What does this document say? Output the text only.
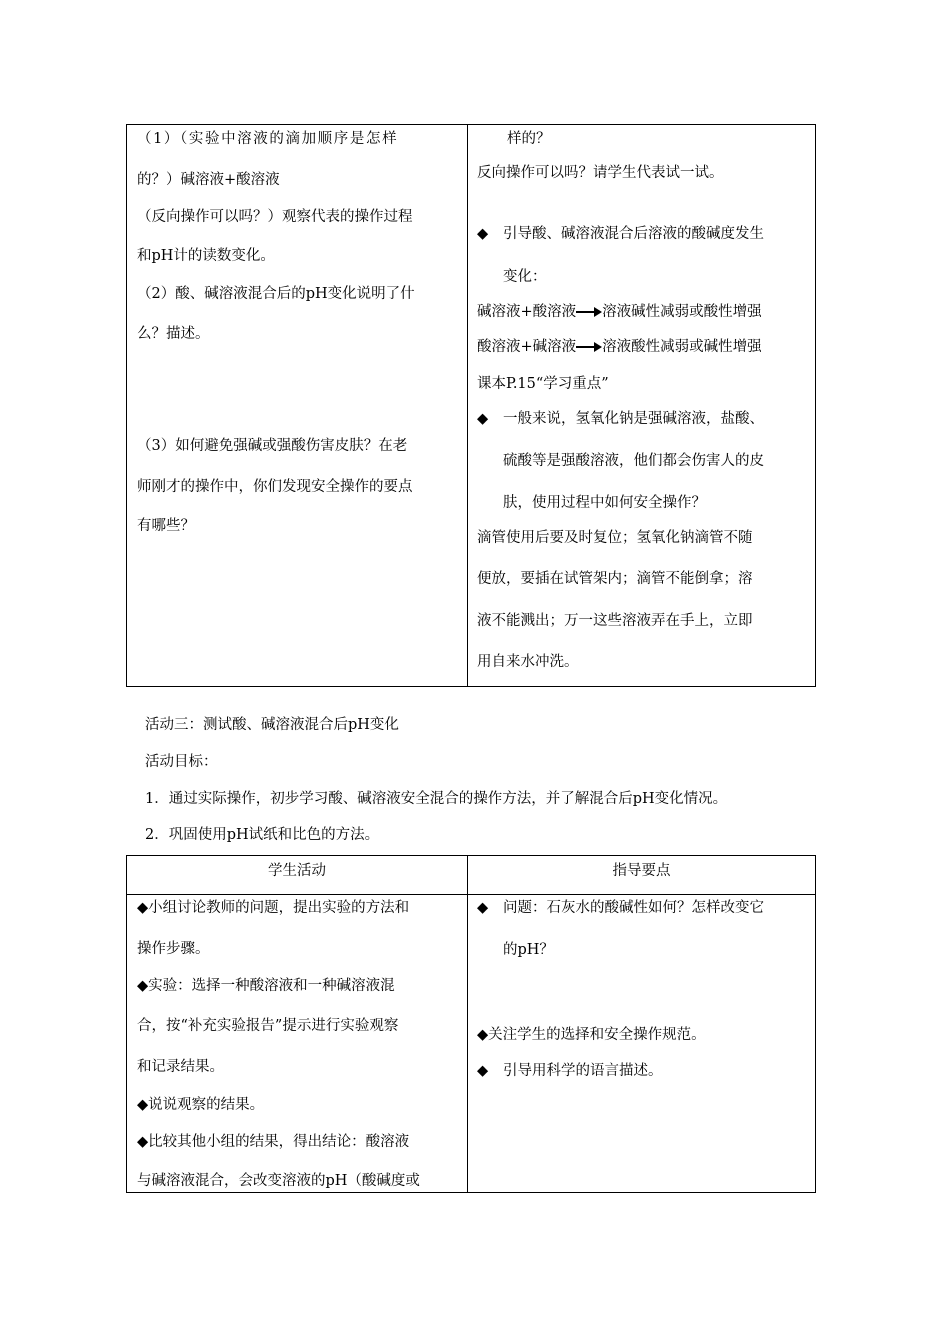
（1）（实验中溶液的滴加顺序是怎样
的？）碱溶液+酸溶液
（反向操作可以吗？）观察代表的操作过程
和pH计的读数变化。
（2）酸、碱溶液混合后的pH变化说明了什
么？描述。
（3）如何避免强碱或强酸伤害皮肤？在老
师刚才的操作中，你们发现安全操作的要点
有哪些？
样的？
反向操作可以吗？请学生代表试一试。
◆ 引导酸、碱溶液混合后溶液的酸碱度发生
变化：
碱溶液+酸溶液 溶液碱性减弱或酸性增强
酸溶液+碱溶液 溶液酸性减弱或碱性增强
课本P.15“学习重点”
◆ 一般来说，氢氧化钠是强碱溶液，盐酸、
硫酸等是强酸溶液，他们都会伤害人的皮
肤，使用过程中如何安全操作？
滴管使用后要及时复位；氢氧化钠滴管不随
便放，要插在试管架内；滴管不能倒拿；溶
液不能溅出；万一这些溶液弄在手上，立即
用自来水冲洗。
活动三：测试酸、碱溶液混合后pH变化
活动目标：
1．通过实际操作，初步学习酸、碱溶液安全混合的操作方法，并了解混合后pH变化情况。
2．巩固使用pH试纸和比色的方法。
学生活动	指导要点
◆小组讨论教师的问题，提出实验的方法和
操作步骤。
◆实验：选择一种酸溶液和一种碱溶液混
合，按“补充实验报告”提示进行实验观察
和记录结果。
◆说说观察的结果。
◆比较其他小组的结果，得出结论：酸溶液
与碱溶液混合，会改变溶液的pH（酸碱度或
◆ 问题：石灰水的酸碱性如何？怎样改变它
的pH？
◆关注学生的选择和安全操作规范。
◆ 引导用科学的语言描述。
